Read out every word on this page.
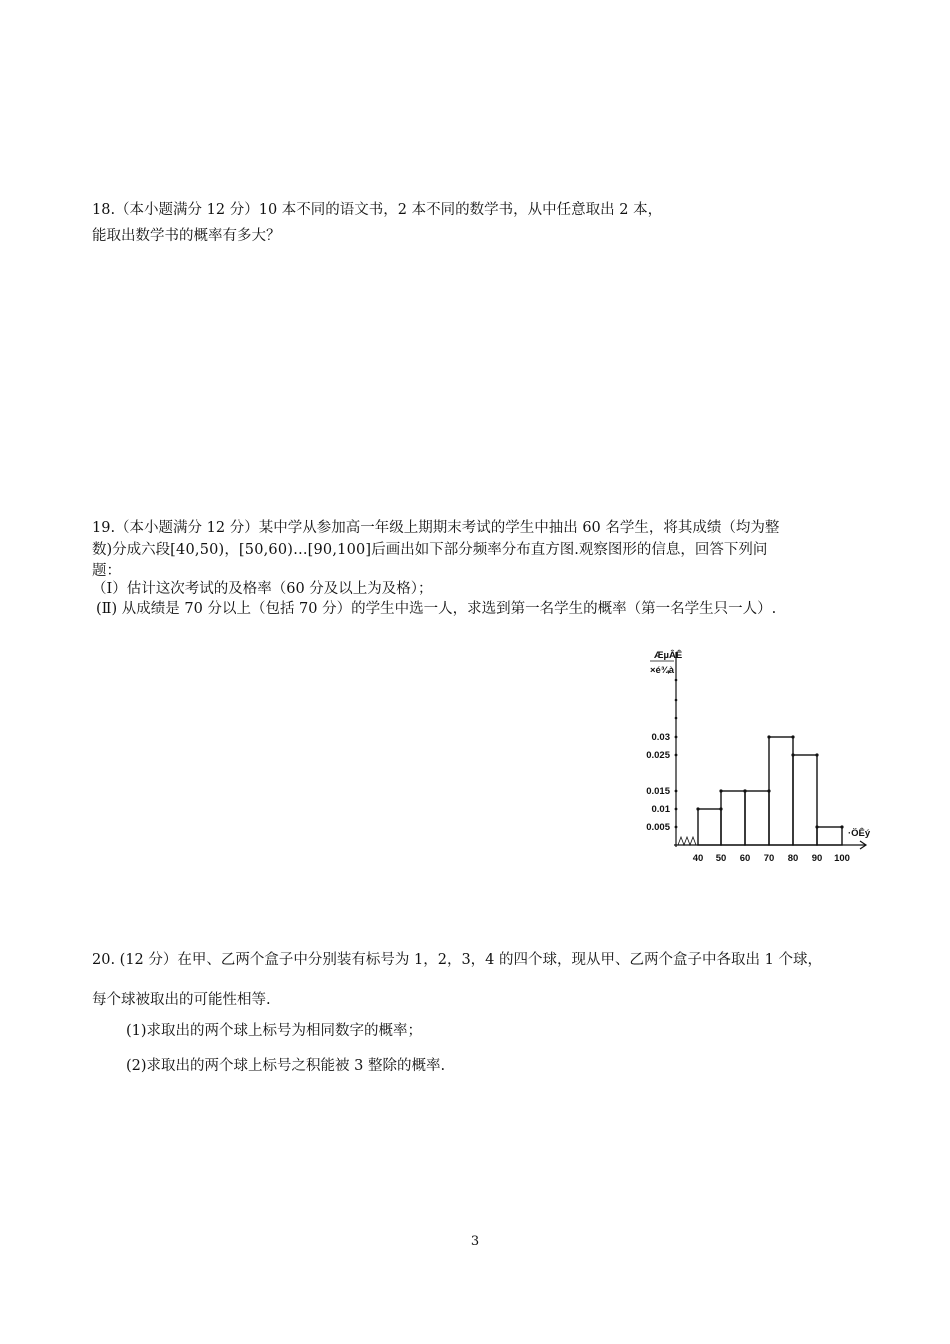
18.（本小题满分 12 分）10 本不同的语文书，2 本不同的数学书，从中任意取出 2 本，
能取出数学书的概率有多大？
19.（本小题满分 12 分）某中学从参加高一年级上期期末考试的学生中抽出 60 名学生，将其成绩（均为整
数)分成六段[40,50)，[50,60)…[90,100]后画出如下部分频率分布直方图.观察图形的信息，回答下列问
题：
（Ⅰ）估计这次考试的及格率（60 分及以上为及格）；
(Ⅱ) 从成绩是 70 分以上（包括 70 分）的学生中选一人，求选到第一名学生的概率（第一名学生只一人）.
0.005
0.01
0.015
0.025
0.03
40 50 60 70 80 90 100
ÆµÂÊ
×é¾à
·ÖÊý
20. (12 分）在甲、乙两个盒子中分别装有标号为 1，2，3，4 的四个球，现从甲、乙两个盒子中各取出 1 个球，
每个球被取出的可能性相等.
(1)求取出的两个球上标号为相同数字的概率；
(2)求取出的两个球上标号之积能被 3 整除的概率.
3
